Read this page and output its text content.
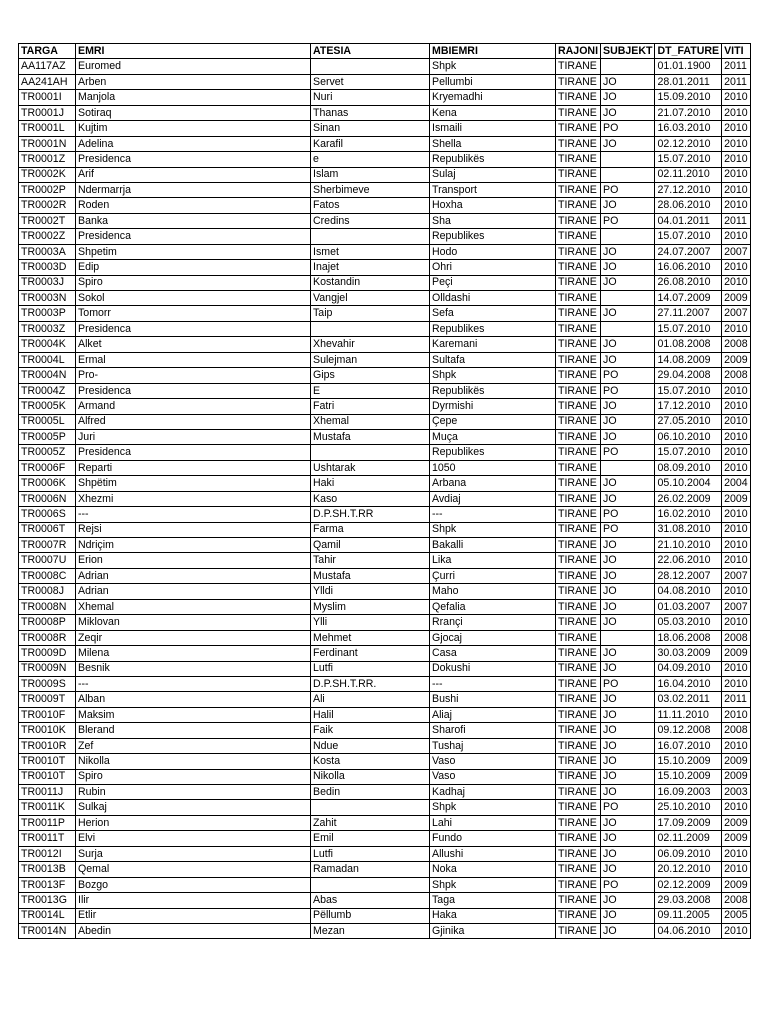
TARGA	EMRI	ATESIA	MBIEMRI	RAJONI	SUBJEKT	DT_FATURE	VITI
AA117AZ	Euromed		Shpk	TIRANE		01.01.1900	2011
AA241AH	Arben	Servet	Pellumbi	TIRANE	JO	28.01.2011	2011
TR0001I	Manjola	Nuri	Kryemadhi	TIRANE	JO	15.09.2010	2010
TR0001J	Sotiraq	Thanas	Kena	TIRANE	JO	21.07.2010	2010
TR0001L	Kujtim	Sinan	Ismaili	TIRANE	PO	16.03.2010	2010
TR0001N	Adelina	Karafil	Shella	TIRANE	JO	02.12.2010	2010
TR0001Z	Presidenca	e	Republikës	TIRANE		15.07.2010	2010
TR0002K	Arif	Islam	Sulaj	TIRANE		02.11.2010	2010
TR0002P	Ndermarrja	Sherbimeve	Transport	TIRANE	PO	27.12.2010	2010
TR0002R	Roden	Fatos	Hoxha	TIRANE	JO	28.06.2010	2010
TR0002T	Banka	Credins	Sha	TIRANE	PO	04.01.2011	2011
TR0002Z	Presidenca		Republikes	TIRANE		15.07.2010	2010
TR0003A	Shpetim	Ismet	Hodo	TIRANE	JO	24.07.2007	2007
TR0003D	Edip	Inajet	Ohri	TIRANE	JO	16.06.2010	2010
TR0003J	Spiro	Kostandin	Peçi	TIRANE	JO	26.08.2010	2010
TR0003N	Sokol	Vangjel	Olldashi	TIRANE		14.07.2009	2009
TR0003P	Tomorr	Taip	Sefa	TIRANE	JO	27.11.2007	2007
TR0003Z	Presidenca		Republikes	TIRANE		15.07.2010	2010
TR0004K	Alket	Xhevahir	Karemani	TIRANE	JO	01.08.2008	2008
TR0004L	Ermal	Sulejman	Sultafa	TIRANE	JO	14.08.2009	2009
TR0004N	Pro-	Gips	Shpk	TIRANE	PO	29.04.2008	2008
TR0004Z	Presidenca	E	Republikës	TIRANE	PO	15.07.2010	2010
TR0005K	Armand	Fatri	Dyrmishi	TIRANE	JO	17.12.2010	2010
TR0005L	Alfred	Xhemal	Çepe	TIRANE	JO	27.05.2010	2010
TR0005P	Juri	Mustafa	Muça	TIRANE	JO	06.10.2010	2010
TR0005Z	Presidenca		Republikes	TIRANE	PO	15.07.2010	2010
TR0006F	Reparti	Ushtarak	1050	TIRANE		08.09.2010	2010
TR0006K	Shpëtim	Haki	Arbana	TIRANE	JO	05.10.2004	2004
TR0006N	Xhezmi	Kaso	Avdiaj	TIRANE	JO	26.02.2009	2009
TR0006S	---	D.P.SH.T.RR	---	TIRANE	PO	16.02.2010	2010
TR0006T	Rejsi	Farma	Shpk	TIRANE	PO	31.08.2010	2010
TR0007R	Ndriçim	Qamil	Bakalli	TIRANE	JO	21.10.2010	2010
TR0007U	Erion	Tahir	Lika	TIRANE	JO	22.06.2010	2010
TR0008C	Adrian	Mustafa	Çurri	TIRANE	JO	28.12.2007	2007
TR0008J	Adrian	Ylldi	Maho	TIRANE	JO	04.08.2010	2010
TR0008N	Xhemal	Myslim	Qefalia	TIRANE	JO	01.03.2007	2007
TR0008P	Miklovan	Ylli	Rrançi	TIRANE	JO	05.03.2010	2010
TR0008R	Zeqir	Mehmet	Gjocaj	TIRANE		18.06.2008	2008
TR0009D	Milena	Ferdinant	Casa	TIRANE	JO	30.03.2009	2009
TR0009N	Besnik	Lutfi	Dokushi	TIRANE	JO	04.09.2010	2010
TR0009S	---	D.P.SH.T.RR.	---	TIRANE	PO	16.04.2010	2010
TR0009T	Alban	Ali	Bushi	TIRANE	JO	03.02.2011	2011
TR0010F	Maksim	Halil	Aliaj	TIRANE	JO	11.11.2010	2010
TR0010K	Blerand	Faik	Sharofi	TIRANE	JO	09.12.2008	2008
TR0010R	Zef	Ndue	Tushaj	TIRANE	JO	16.07.2010	2010
TR0010T	Nikolla	Kosta	Vaso	TIRANE	JO	15.10.2009	2009
TR0010T	Spiro	Nikolla	Vaso	TIRANE	JO	15.10.2009	2009
TR0011J	Rubin	Bedin	Kadhaj	TIRANE	JO	16.09.2003	2003
TR0011K	Sulkaj		Shpk	TIRANE	PO	25.10.2010	2010
TR0011P	Herion	Zahit	Lahi	TIRANE	JO	17.09.2009	2009
TR0011T	Elvi	Emil	Fundo	TIRANE	JO	02.11.2009	2009
TR0012I	Surja	Lutfi	Allushi	TIRANE	JO	06.09.2010	2010
TR0013B	Qemal	Ramadan	Noka	TIRANE	JO	20.12.2010	2010
TR0013F	Bozgo		Shpk	TIRANE	PO	02.12.2009	2009
TR0013G	Ilir	Abas	Taga	TIRANE	JO	29.03.2008	2008
TR0014L	Etlir	Pëllumb	Haka	TIRANE	JO	09.11.2005	2005
TR0014N	Abedin	Mezan	Gjinika	TIRANE	JO	04.06.2010	2010
